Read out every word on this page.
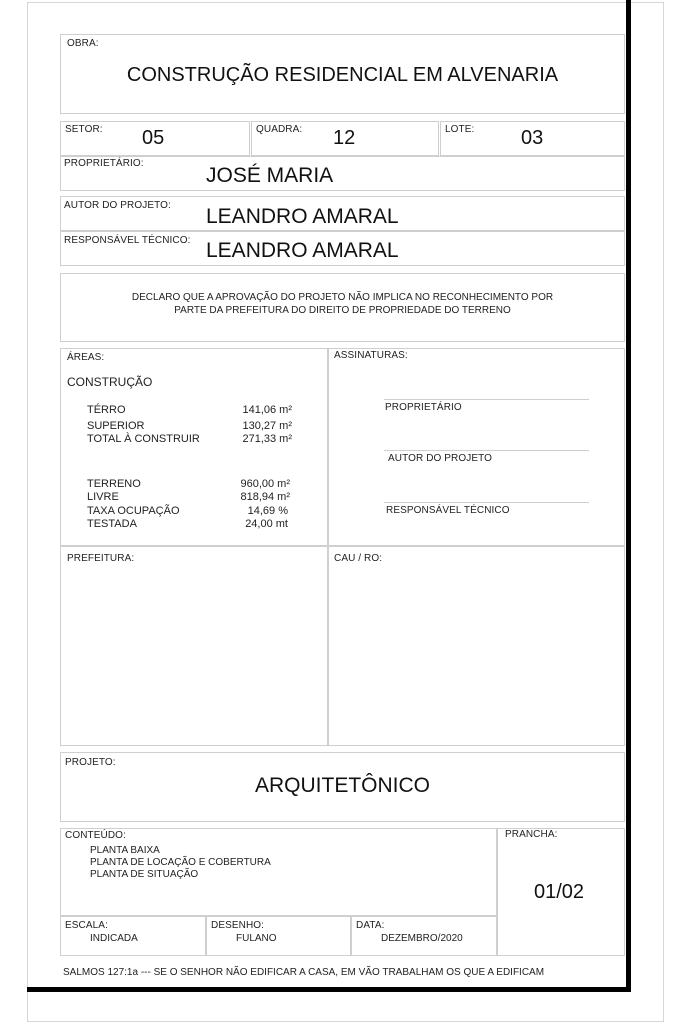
OBRA:
CONSTRUÇÃO RESIDENCIAL EM ALVENARIA
SETOR: 05	QUADRA: 12	LOTE: 03
PROPRIETÁRIO:
JOSÉ MARIA
AUTOR DO PROJETO: LEANDRO AMARAL
RESPONSÁVEL TÉCNICO: LEANDRO AMARAL
DECLARO QUE A APROVAÇÃO DO PROJETO NÃO IMPLICA NO RECONHECIMENTO POR
PARTE DA PREFEITURA DO DIREITO DE PROPRIEDADE DO TERRENO
ÁREAS:
CONSTRUÇÃO
TÉRRO	141,06 m²
SUPERIOR	130,27 m²
TOTAL À CONSTRUIR	271,33 m²
TERRENO	960,00 m²
LIVRE	818,94 m²
TAXA OCUPAÇÃO	14,69 %
TESTADA	24,00 mt
ASSINATURAS:
PROPRIETÁRIO
AUTOR DO PROJETO
RESPONSÁVEL TÉCNICO
PREFEITURA:	CAU / RO:
PROJETO:
ARQUITETÔNICO
CONTEÚDO:
PLANTA BAIXA
PLANTA DE LOCAÇÃO E COBERTURA
PLANTA DE SITUAÇÃO
PRANCHA:
01/02
ESCALA:
INDICADA
DESENHO:
FULANO
DATA:
DEZEMBRO/2020
SALMOS 127:1a --- SE O SENHOR NÃO EDIFICAR A CASA, EM VÃO TRABALHAM OS QUE A EDIFICAM
